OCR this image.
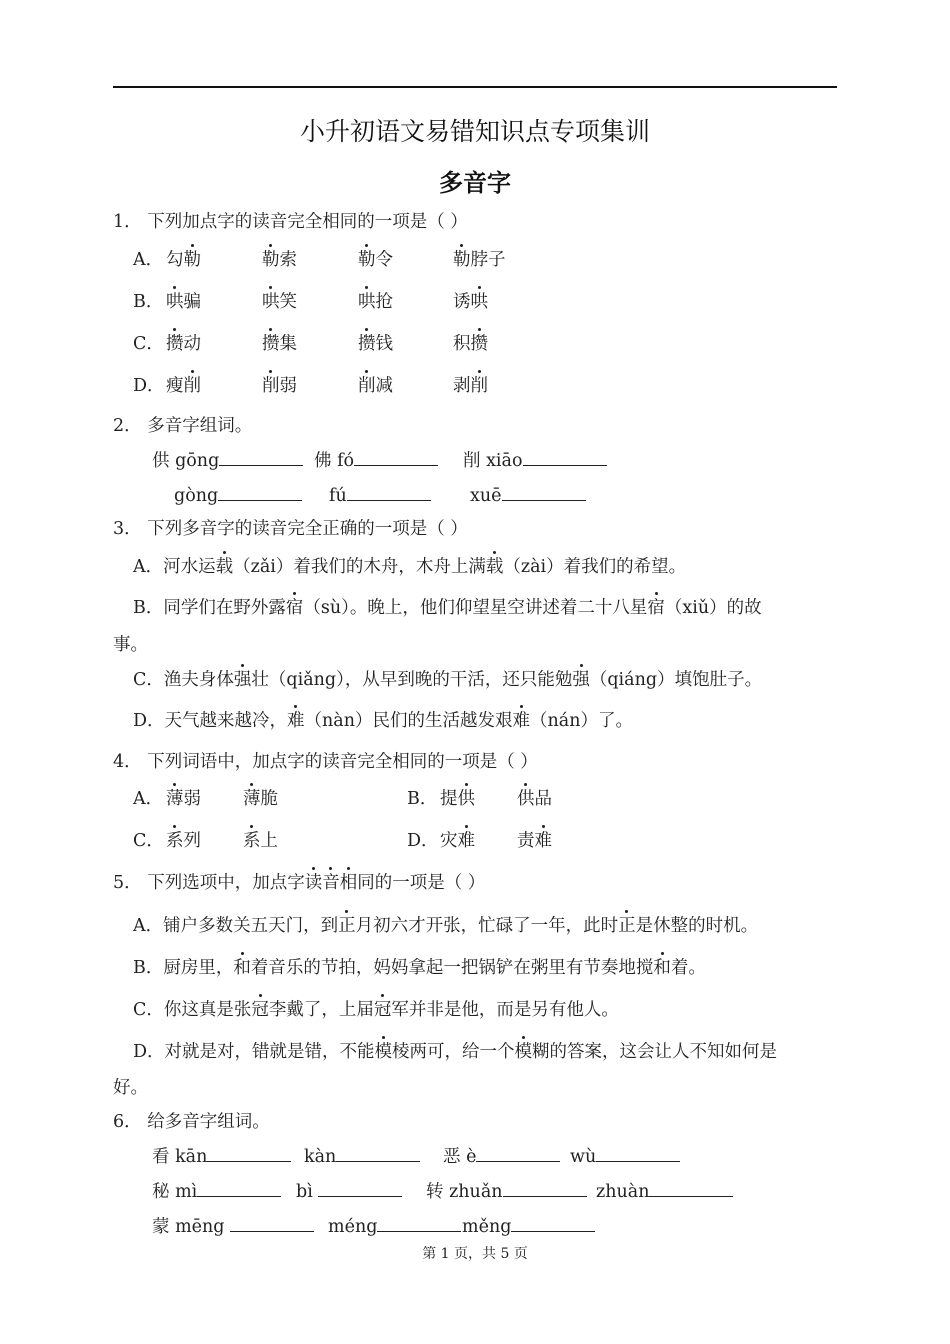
小升初语文易错知识点专项集训
多音字
1． 下列加点字的读音完全相同的一项是（ ）
A． 勾勒	勒索	勒令	勒脖子
B． 哄骗	哄笑	哄抢	诱哄
C． 攒动	攒集	攒钱	积攒
D． 瘦削	削弱	削减	剥削
2． 多音字组词。
供 gōng	佛 fó	削 xiāo
gòng	fú	xuē
3． 下列多音字的读音完全正确的一项是（ ）
A．河水运载（zǎi）着我们的木舟，木舟上满载（zài）着我们的希望。
B．同学们在野外露宿（sù）。晚上，他们仰望星空讲述着二十八星宿（xiǔ）的故
事。
C．渔夫身体强壮（qiǎng），从早到晚的干活，还只能勉强（qiáng）填饱肚子。
D．天气越来越冷，难（nàn）民们的生活越发艰难（nán）了。
4． 下列词语中，加点字的读音完全相同的一项是（ ）
A． 薄弱 薄脆	B． 提供 供品
C． 系列 系上	D． 灾难 责难
5． 下列选项中，加点字读音相同的一项是（ ）
A．铺户多数关五天门，到正月初六才开张，忙碌了一年，此时正是休整的时机。
B．厨房里，和着音乐的节拍，妈妈拿起一把锅铲在粥里有节奏地搅和着。
C．你这真是张冠李戴了，上届冠军并非是他，而是另有他人。
D．对就是对，错就是错，不能模棱两可，给一个模糊的答案，这会让人不知如何是
好。
6． 给多音字组词。
看 kān	kàn	恶 è	wù
秘 mì	bì	转 zhuǎn	zhuàn
蒙 mēng	méng	měng
第 1 页，共 5 页
